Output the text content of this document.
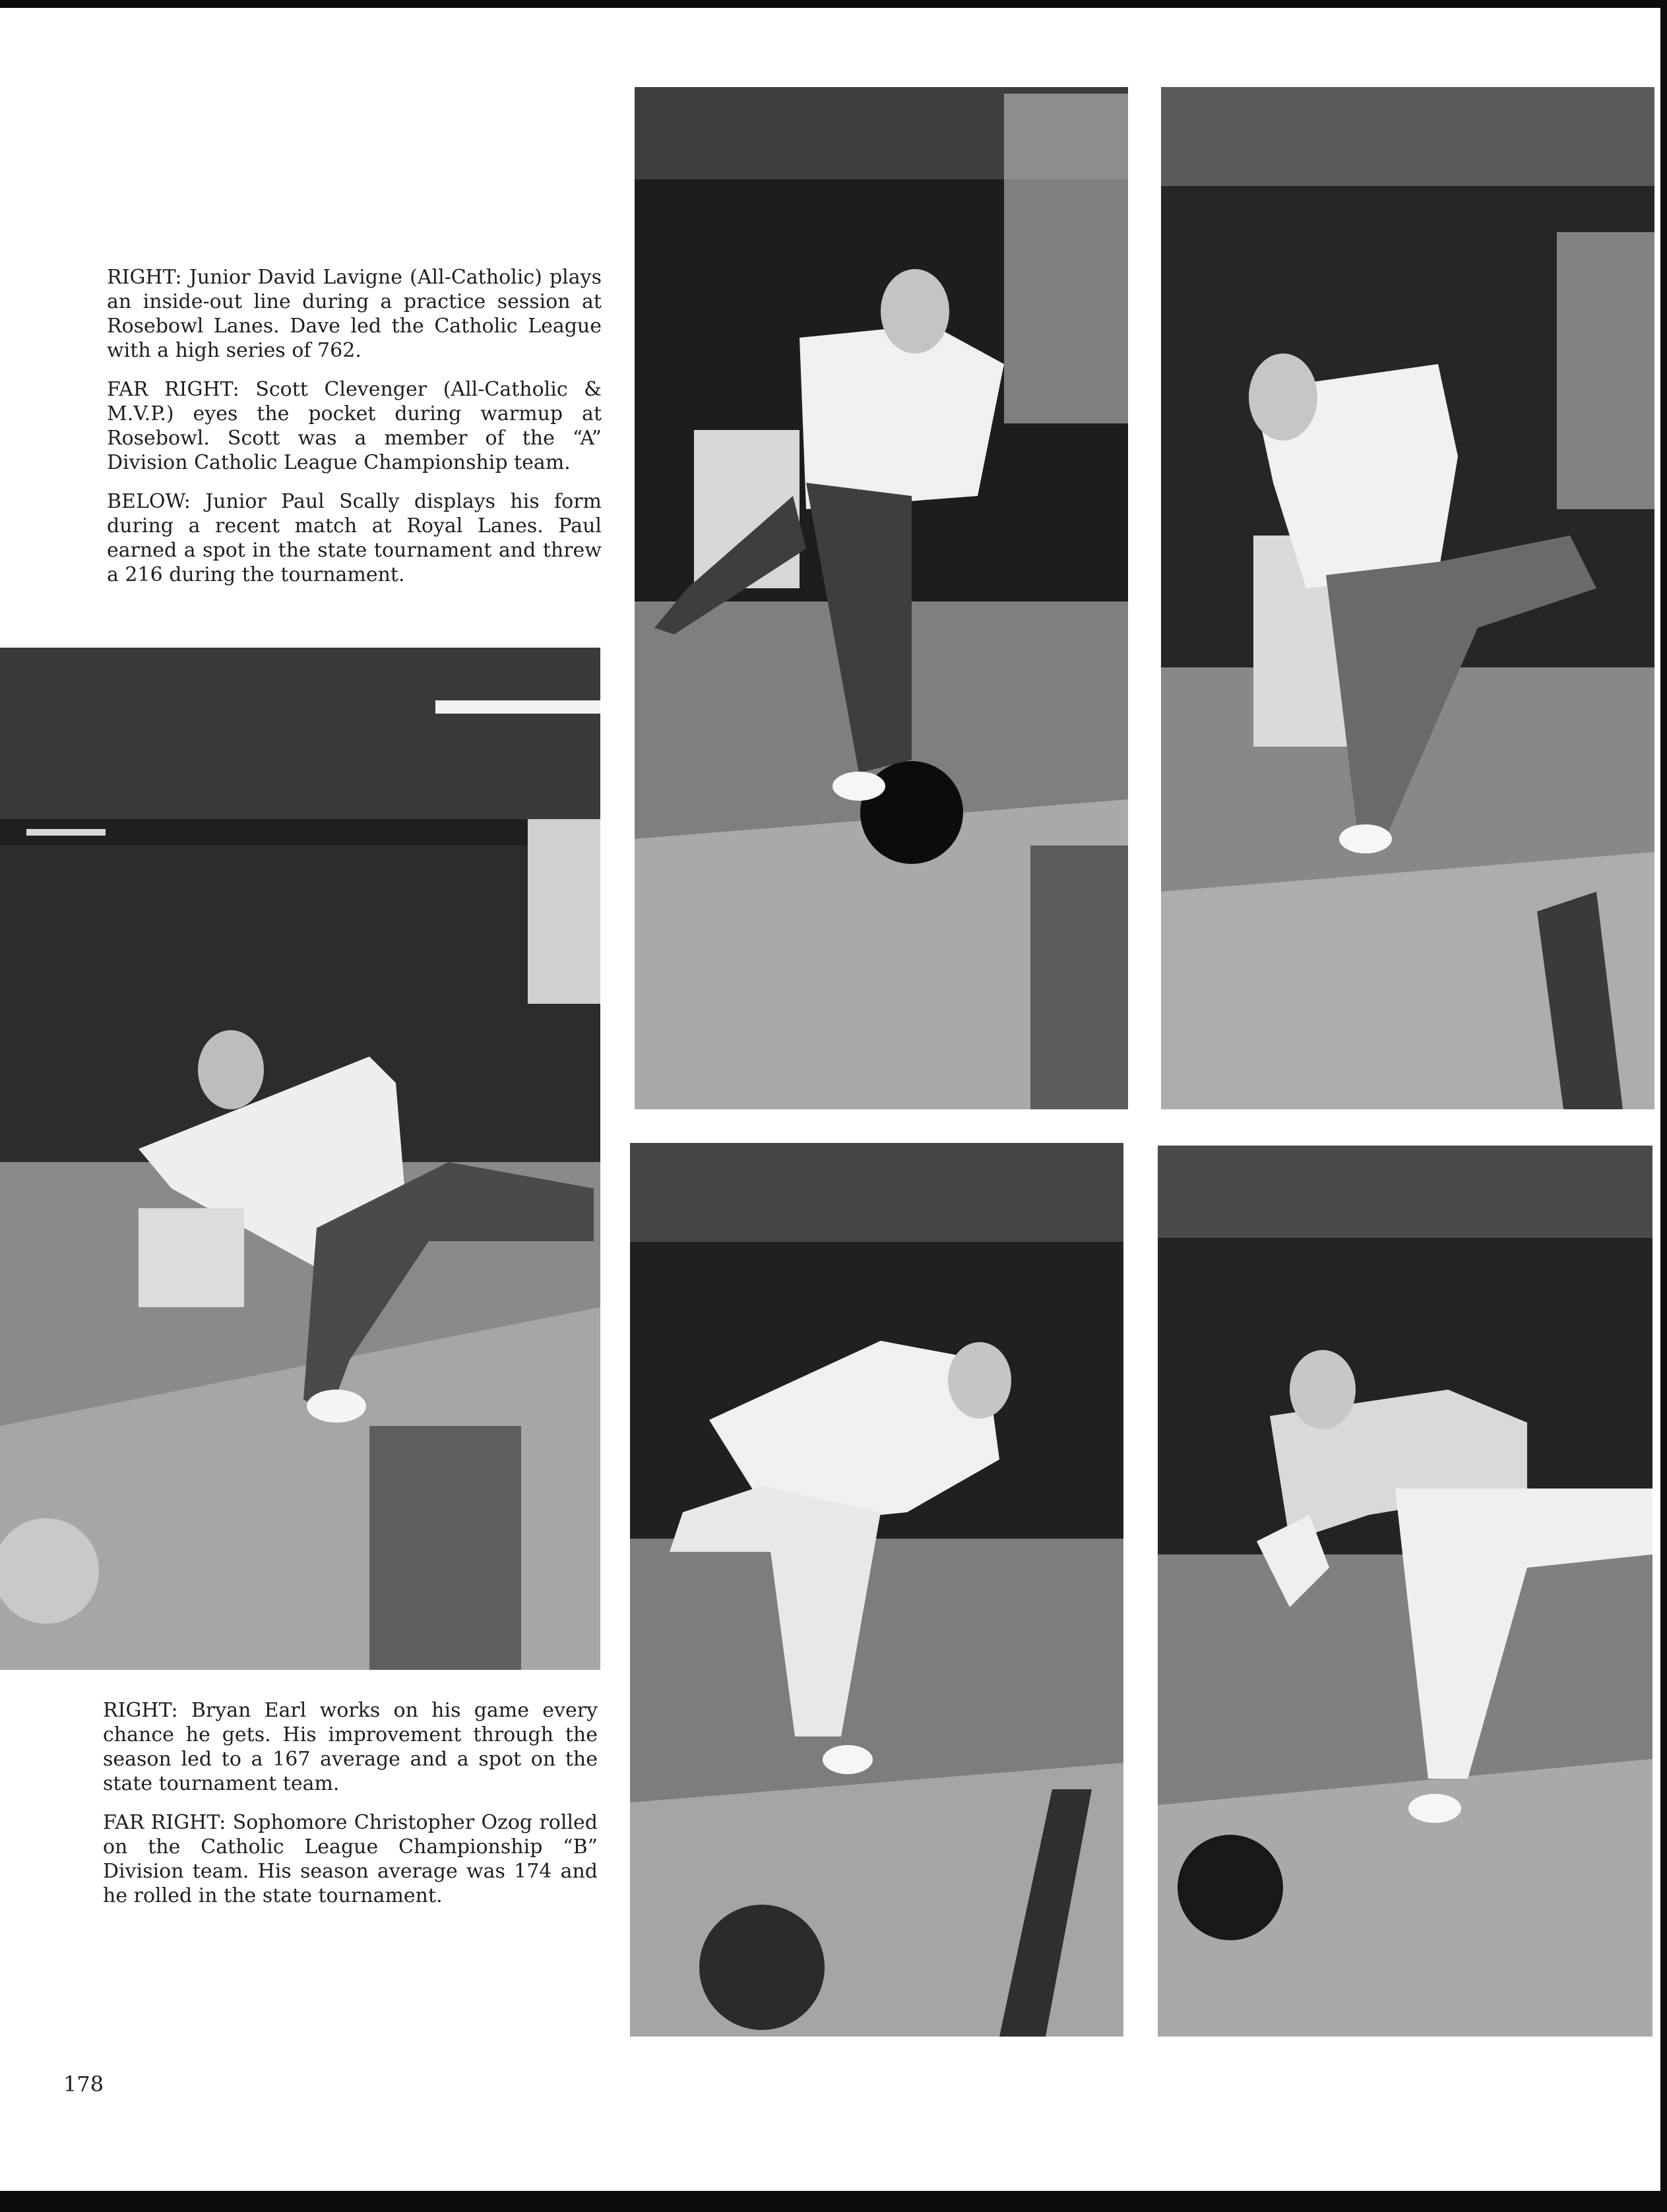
RIGHT: Junior David Lavigne (All-Catholic) plays an inside-out line during a practice session at Rosebowl Lanes. Dave led the Catholic League with a high series of 762.

FAR RIGHT: Scott Clevenger (All-Catholic & M.V.P.) eyes the pocket during warmup at Rosebowl. Scott was a member of the “A” Division Catholic League Championship team.

BELOW: Junior Paul Scally displays his form during a recent match at Royal Lanes. Paul earned a spot in the state tournament and threw a 216 during the tournament.

RIGHT: Bryan Earl works on his game every chance he gets. His improvement through the season led to a 167 average and a spot on the state tournament team.

FAR RIGHT: Sophomore Christopher Ozog rolled on the Catholic League Championship “B” Division team. His season average was 174 and he rolled in the state tournament.

178
